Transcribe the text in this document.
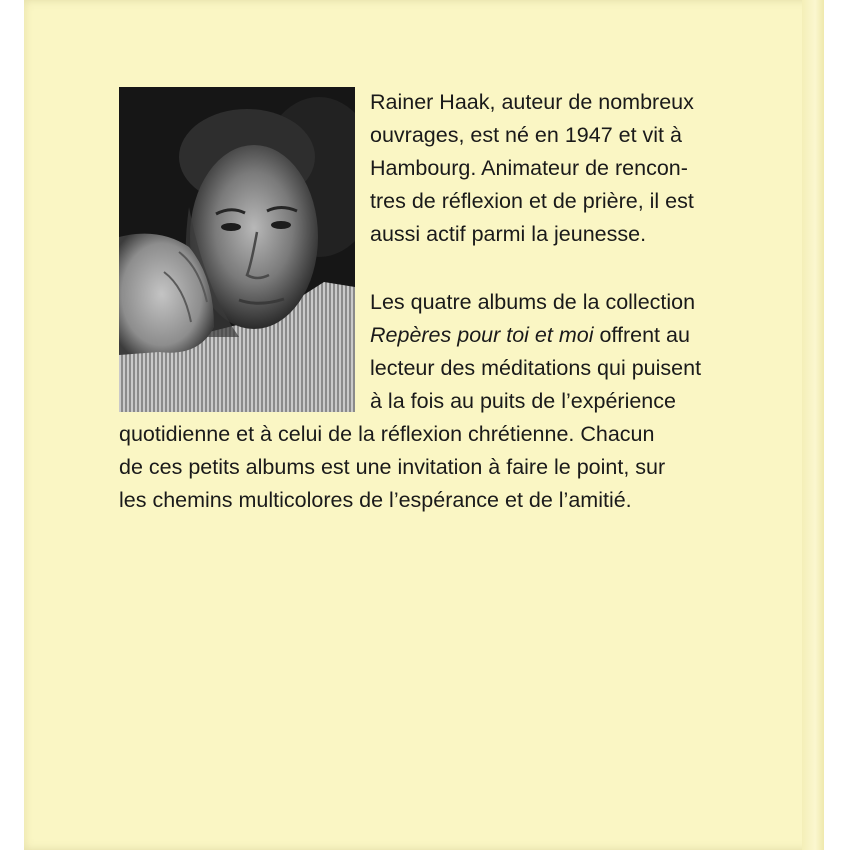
Rainer Haak, auteur de nombreux
ouvrages, est né en 1947 et vit à
Hambourg. Animateur de rencon-
tres de réflexion et de prière, il est
aussi actif parmi la jeunesse.
Les quatre albums de la collection
Repères pour toi et moi offrent au
lecteur des méditations qui puisent
à la fois au puits de l’expérience
quotidienne et à celui de la réflexion chrétienne. Chacun
de ces petits albums est une invitation à faire le point, sur
les chemins multicolores de l’espérance et de l’amitié.
